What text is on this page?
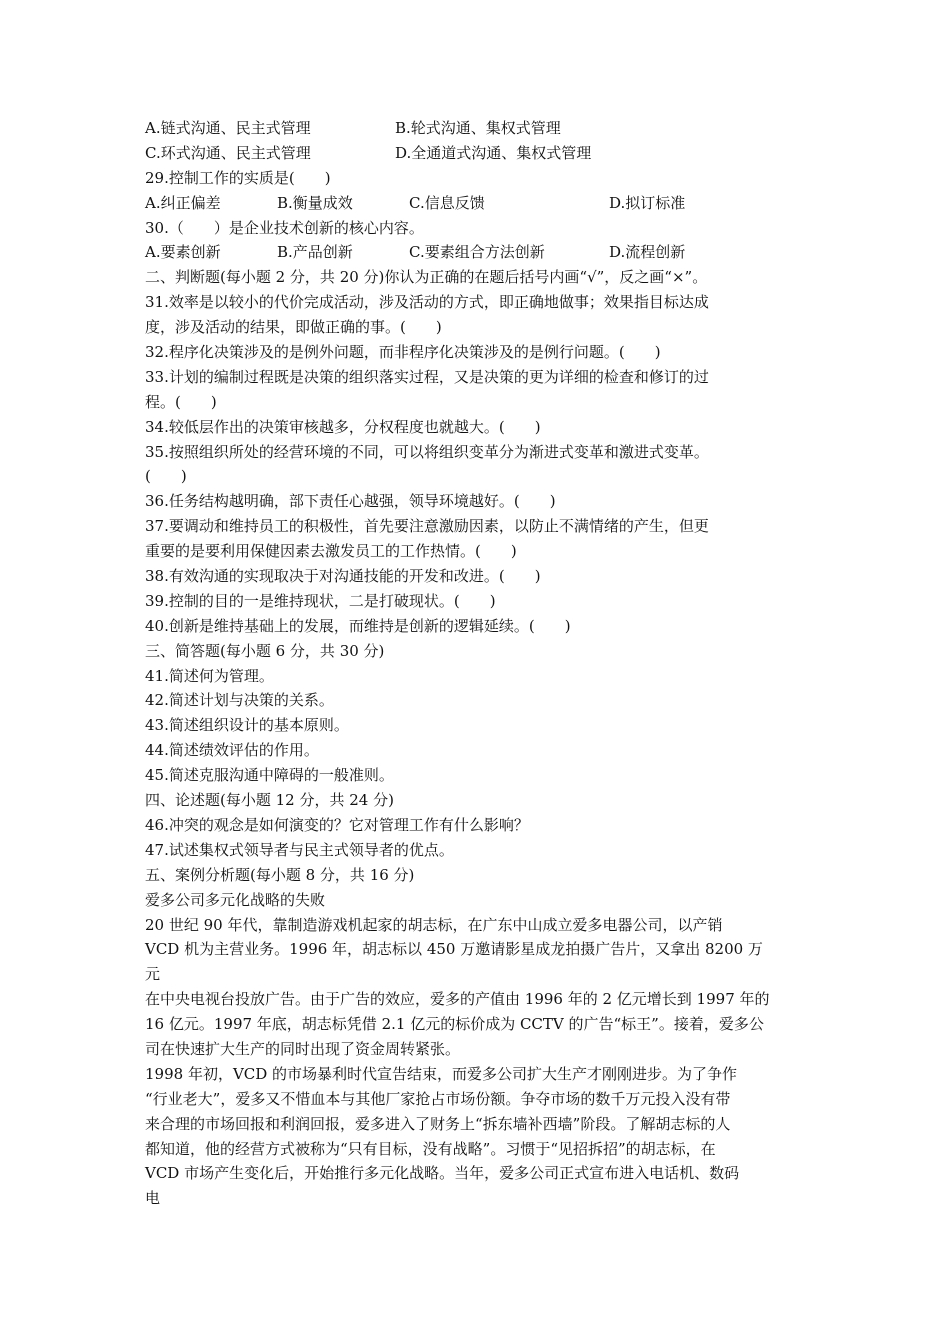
A.链式沟通、民主式管理	B.轮式沟通、集权式管理
C.环式沟通、民主式管理	D.全通道式沟通、集权式管理
29.控制工作的实质是(　　)
A.纠正偏差	B.衡量成效	C.信息反馈	D.拟订标准
30.（　　）是企业技术创新的核心内容。
A.要素创新	B.产品创新	C.要素组合方法创新	D.流程创新
二、判断题(每小题 2 分，共 20 分)你认为正确的在题后括号内画“√”，反之画“×”。
31.效率是以较小的代价完成活动，涉及活动的方式，即正确地做事；效果指目标达成
度，涉及活动的结果，即做正确的事。(　　)
32.程序化决策涉及的是例外问题，而非程序化决策涉及的是例行问题。(　　)
33.计划的编制过程既是决策的组织落实过程，又是决策的更为详细的检查和修订的过
程。(　　)
34.较低层作出的决策审核越多，分权程度也就越大。(　　)
35.按照组织所处的经营环境的不同，可以将组织变革分为渐进式变革和激进式变革。
(　　)
36.任务结构越明确，部下责任心越强，领导环境越好。(　　)
37.要调动和维持员工的积极性，首先要注意激励因素，以防止不满情绪的产生，但更
重要的是要利用保健因素去激发员工的工作热情。(　　)
38.有效沟通的实现取决于对沟通技能的开发和改进。(　　)
39.控制的目的一是维持现状，二是打破现状。(　　)
40.创新是维持基础上的发展，而维持是创新的逻辑延续。(　　)
三、简答题(每小题 6 分，共 30 分)
41.简述何为管理。
42.简述计划与决策的关系。
43.简述组织设计的基本原则。
44.简述绩效评估的作用。
45.简述克服沟通中障碍的一般准则。
四、论述题(每小题 12 分，共 24 分)
46.冲突的观念是如何演变的？它对管理工作有什么影响？
47.试述集权式领导者与民主式领导者的优点。
五、案例分析题(每小题 8 分，共 16 分)
爱多公司多元化战略的失败
20 世纪 90 年代，靠制造游戏机起家的胡志标，在广东中山成立爱多电器公司，以产销
VCD 机为主营业务。1996 年，胡志标以 450 万邀请影星成龙拍摄广告片，又拿出 8200 万
元
在中央电视台投放广告。由于广告的效应，爱多的产值由 1996 年的 2 亿元增长到 1997 年的
16 亿元。1997 年底，胡志标凭借 2.1 亿元的标价成为 CCTV 的广告“标王”。接着，爱多公
司在快速扩大生产的同时出现了资金周转紧张。
1998 年初，VCD 的市场暴利时代宣告结束，而爱多公司扩大生产才刚刚进步。为了争作
“行业老大”，爱多又不惜血本与其他厂家抢占市场份额。争夺市场的数千万元投入没有带
来合理的市场回报和利润回报，爱多进入了财务上“拆东墙补西墙”阶段。了解胡志标的人
都知道，他的经营方式被称为“只有目标，没有战略”。习惯于“见招拆招”的胡志标，在
VCD 市场产生变化后，开始推行多元化战略。当年，爱多公司正式宣布进入电话机、数码
电
